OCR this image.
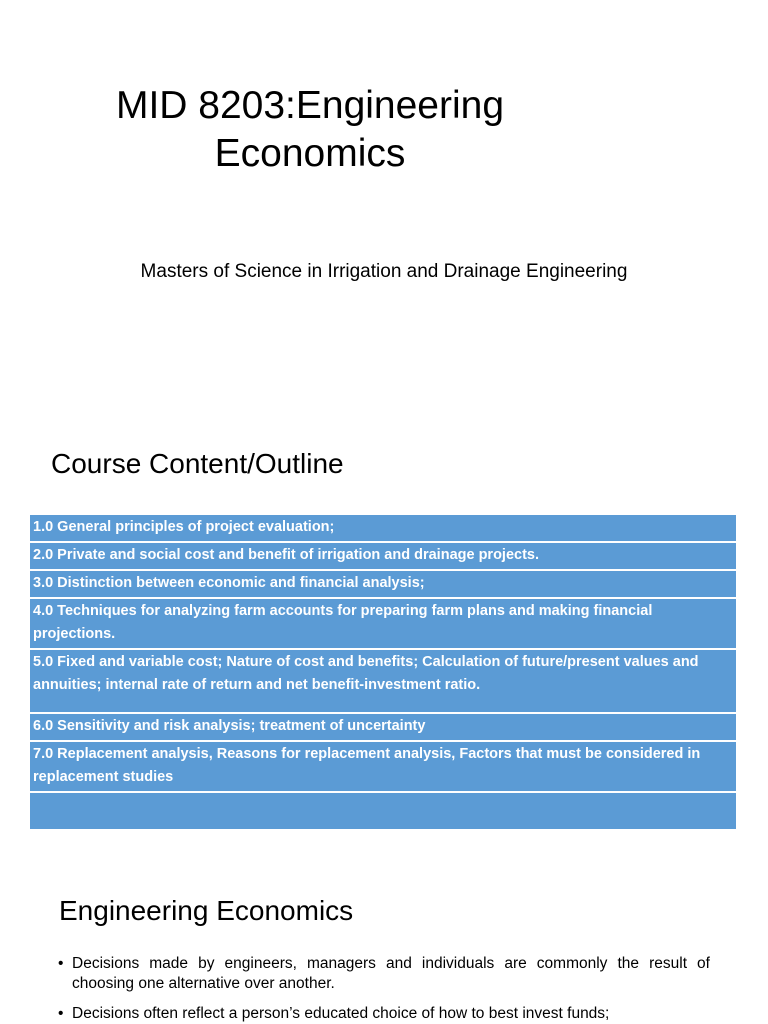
MID 8203:Engineering Economics

Masters of Science in Irrigation and Drainage Engineering

Course Content/Outline
1.0 General principles of project evaluation;
2.0 Private and social cost and benefit of irrigation and drainage projects.
3.0 Distinction between economic and financial analysis;
4.0 Techniques for analyzing farm accounts for preparing farm plans and making financial projections.
5.0 Fixed and variable cost; Nature of cost and benefits; Calculation of future/present values and annuities; internal rate of return and net benefit-investment ratio.
6.0 Sensitivity and risk analysis; treatment of uncertainty
7.0 Replacement analysis, Reasons for replacement analysis, Factors that must be considered in replacement studies

Engineering Economics
• Decisions made by engineers, managers and individuals are commonly the result of choosing one alternative over another.
• Decisions often reflect a person’s educated choice of how to best invest funds;
